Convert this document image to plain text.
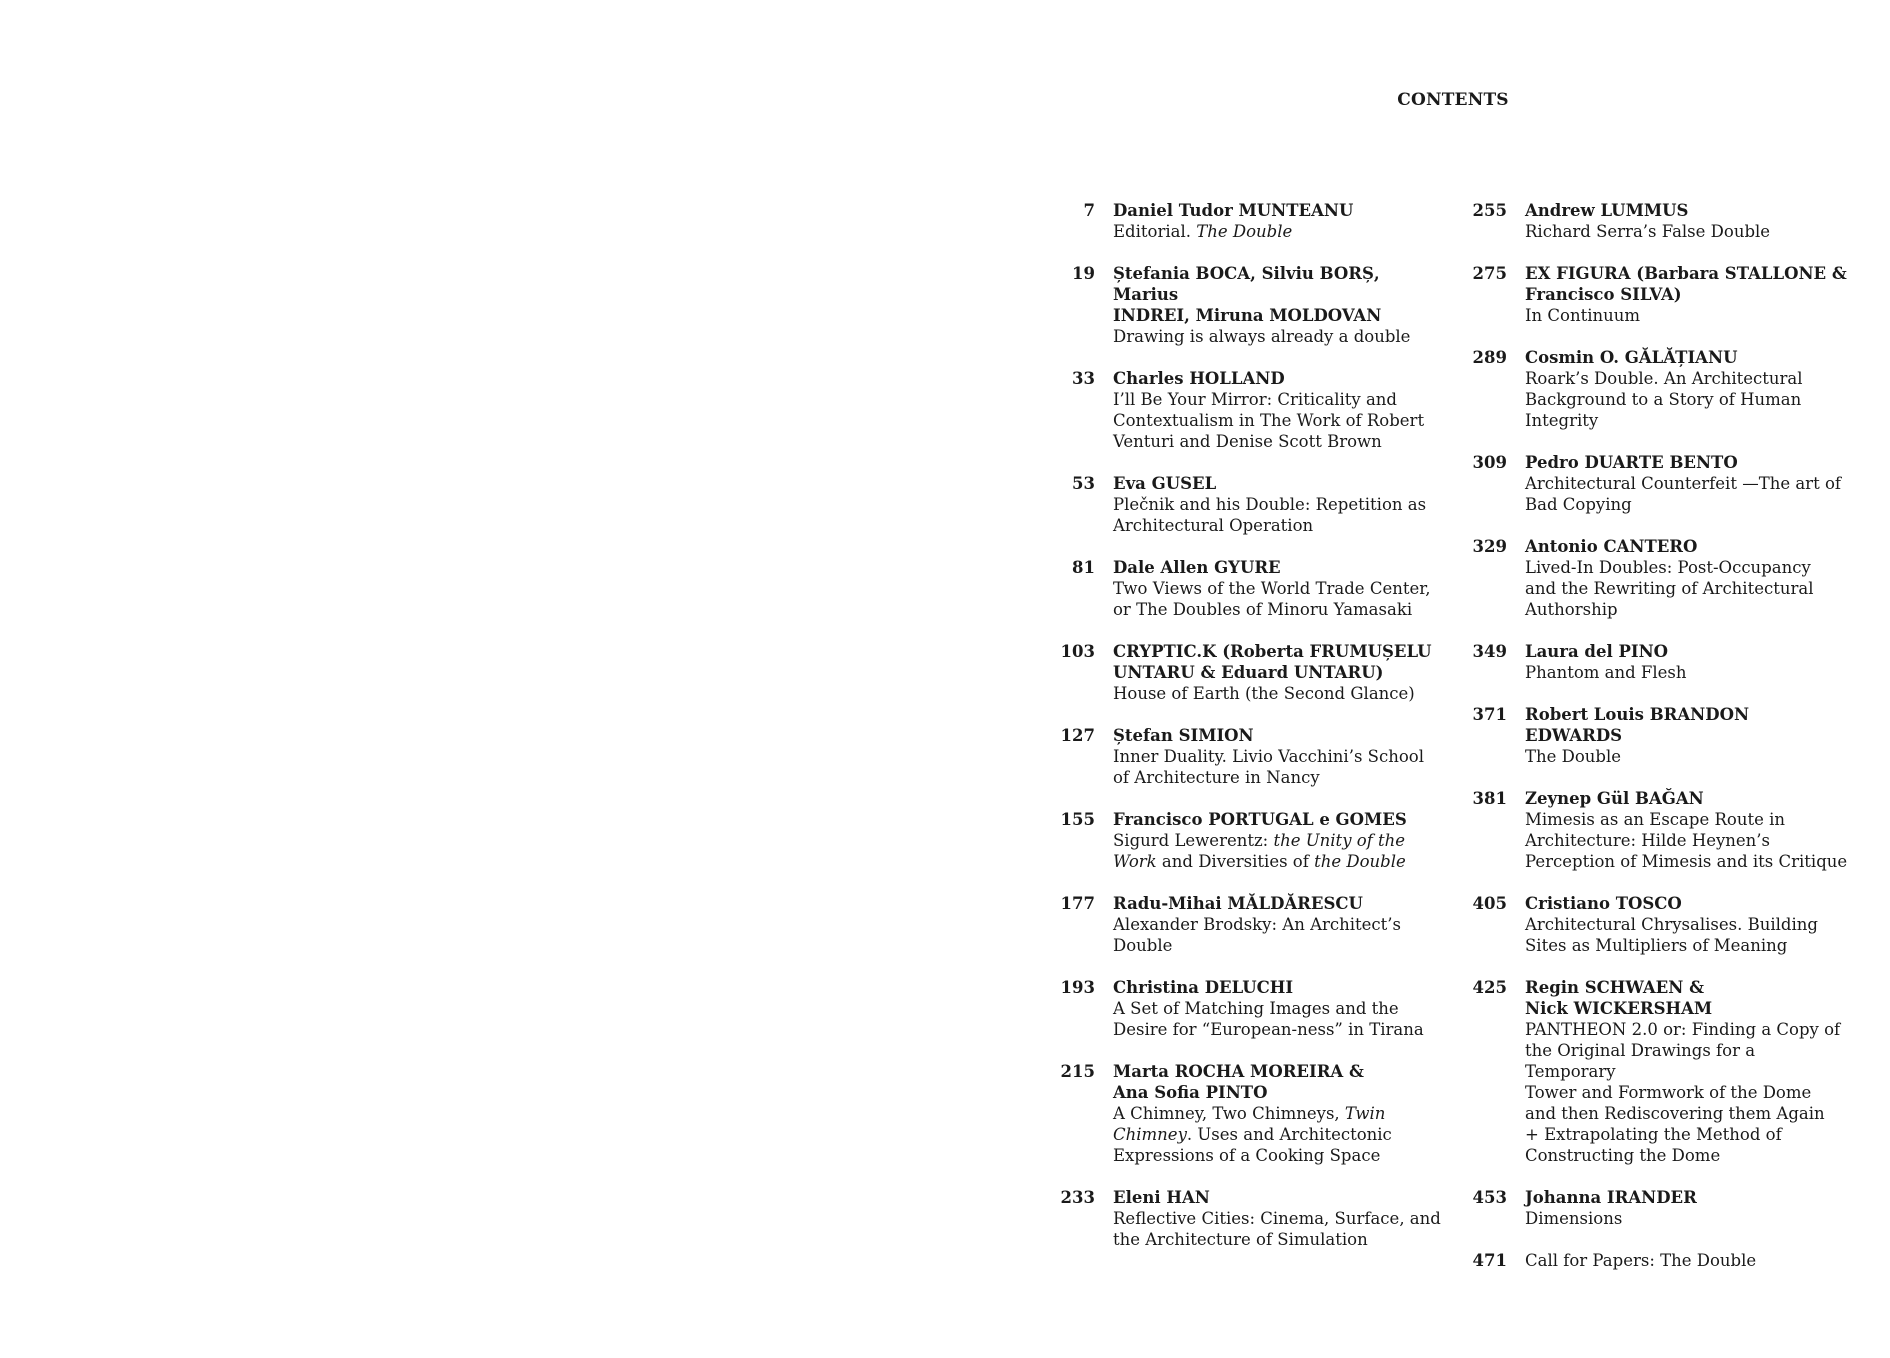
CONTENTS
7 Daniel Tudor MUNTEANU
Editorial. The Double
19 Ștefania BOCA, Silviu BORȘ, Marius
INDREI, Miruna MOLDOVAN
Drawing is always already a double
33 Charles HOLLAND
I’ll Be Your Mirror: Criticality and
Contextualism in The Work of Robert
Venturi and Denise Scott Brown
53 Eva GUSEL
Plečnik and his Double: Repetition as
Architectural Operation
81 Dale Allen GYURE
Two Views of the World Trade Center,
or The Doubles of Minoru Yamasaki
103 CRYPTIC.K (Roberta FRUMUȘELU
UNTARU & Eduard UNTARU)
House of Earth (the Second Glance)
127 Ștefan SIMION
Inner Duality. Livio Vacchini’s School
of Architecture in Nancy
155 Francisco PORTUGAL e GOMES
Sigurd Lewerentz: the Unity of the
Work and Diversities of the Double
177 Radu-Mihai MĂLDĂRESCU
Alexander Brodsky: An Architect’s
Double
193 Christina DELUCHI
A Set of Matching Images and the
Desire for “European-ness” in Tirana
215 Marta ROCHA MOREIRA &
Ana Sofia PINTO
A Chimney, Two Chimneys, Twin
Chimney. Uses and Architectonic
Expressions of a Cooking Space
233 Eleni HAN
Reflective Cities: Cinema, Surface, and
the Architecture of Simulation
255 Andrew LUMMUS
Richard Serra’s False Double
275 EX FIGURA (Barbara STALLONE &
Francisco SILVA)
In Continuum
289 Cosmin O. GĂLĂȚIANU
Roark’s Double. An Architectural
Background to a Story of Human
Integrity
309 Pedro DUARTE BENTO
Architectural Counterfeit —The art of
Bad Copying
329 Antonio CANTERO
Lived-In Doubles: Post-Occupancy
and the Rewriting of Architectural
Authorship
349 Laura del PINO
Phantom and Flesh
371 Robert Louis BRANDON EDWARDS
The Double
381 Zeynep Gül BAĞAN
Mimesis as an Escape Route in
Architecture: Hilde Heynen’s
Perception of Mimesis and its Critique
405 Cristiano TOSCO
Architectural Chrysalises. Building
Sites as Multipliers of Meaning
425 Regin SCHWAEN &
Nick WICKERSHAM
PANTHEON 2.0 or: Finding a Copy of
the Original Drawings for a Temporary
Tower and Formwork of the Dome
and then Rediscovering them Again
+ Extrapolating the Method of
Constructing the Dome
453 Johanna IRANDER
Dimensions
471 Call for Papers: The Double
